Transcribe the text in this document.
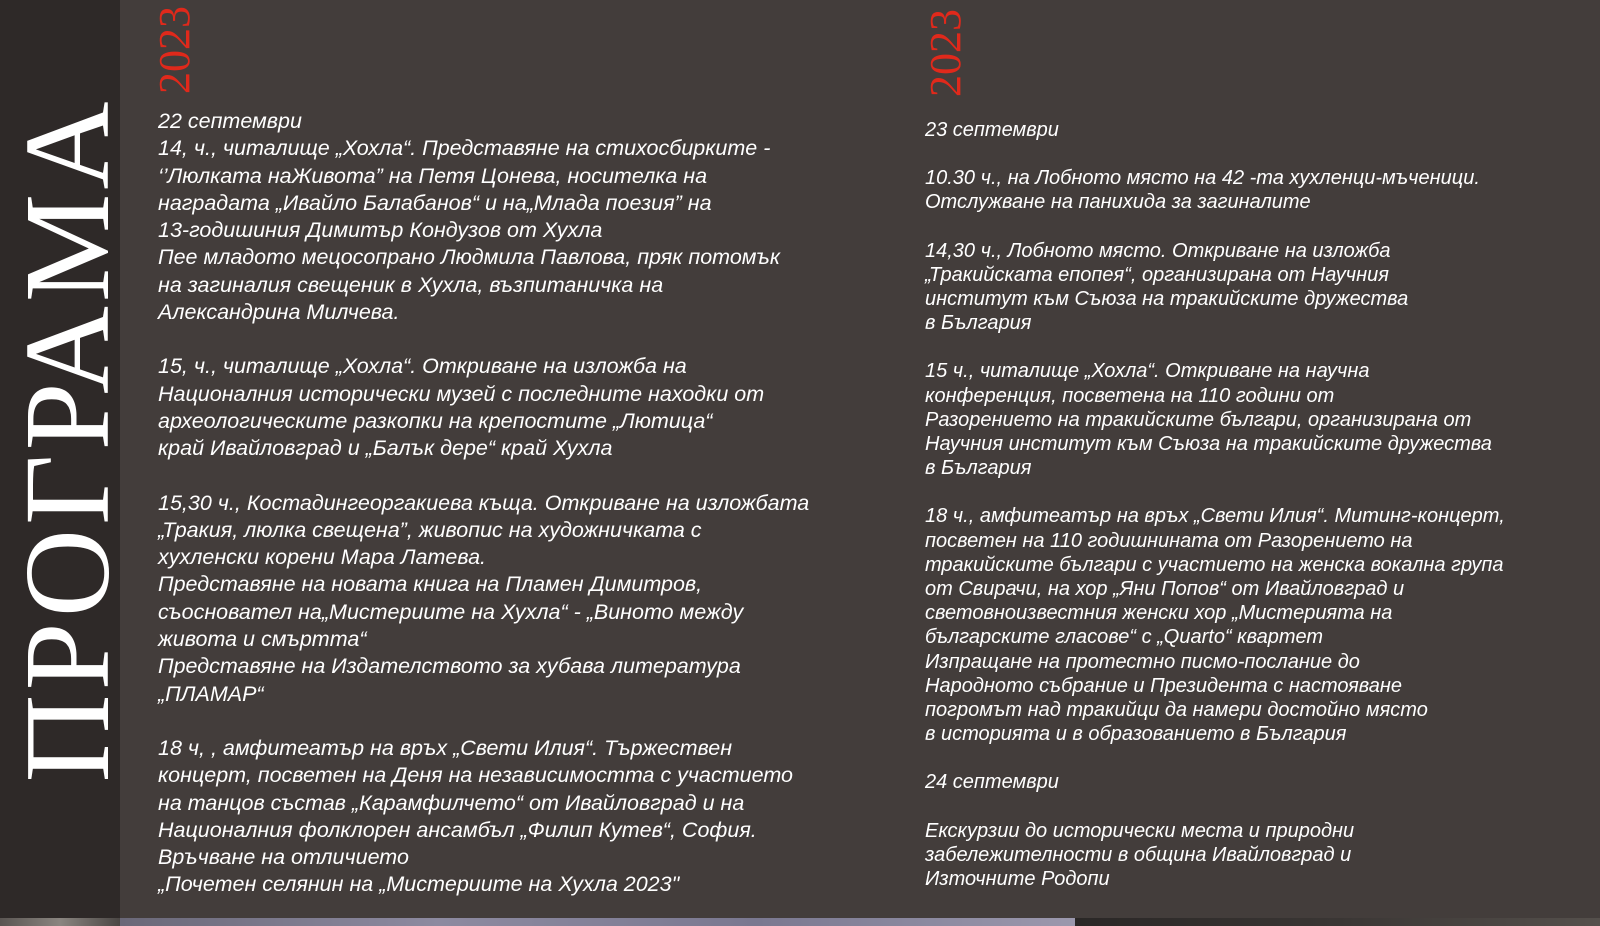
ПРОГРАМА
2023	2023
22 септември
14, ч., читалище „Хохла“. Представяне на стихосбирките -
‘’Люлката наЖивота” на Петя Цонева, носителка на
наградата „Ивайло Балабанов“ и на„Млада поезия” на
13-годишиния Димитър Кондузов от Хухла
Пее младото мецосопрано Людмила Павлова, пряк потомък
на загиналия свещеник в Хухла, възпитаничка на
Александрина Милчева.
15, ч., читалище „Хохла“. Откриване на изложба на
Националния исторически музей с последните находки от
археологическите разкопки на крепостите „Лютица“
край Ивайловград и „Балък дере“ край Хухла
15,30 ч., Костадингеоргакиева къща. Откриване на изложбата
„Тракия, люлка свещена”, живопис на художничката с
хухленски корени Мара Латева.
Представяне на новата книга на Пламен Димитров,
съосновател на„Мистериите на Хухла“ - „Виното между
живота и смъртта“
Представяне на Издателството за хубава литература
„ПЛАМАР“
18 ч, , амфитеатър на връх „Свети Илия“. Тържествен
концерт, посветен на Деня на независимостта с участието
на танцов състав „Карамфилчето“ от Ивайловград и на
Националния фолклорен ансамбъл „Филип Кутев“, София.
Връчване на отличието
„Почетен селянин на „Мистериите на Хухла 2023"
23 септември
10.30 ч., на Лобното място на 42 -та хухленци-мъченици.
Отслужване на панихида за загиналите
14,30 ч., Лобното място. Откриване на изложба
„Тракийската епопея“, организирана от Научния
институт към Съюза на тракийските дружества
в България
15 ч., читалище „Хохла“. Откриване на научна
конференция, посветена на 110 години от
Разорението на тракийските българи, организирана от
Научния институт към Съюза на тракийските дружества
в България
18 ч., амфитеатър на връх „Свети Илия“. Митинг-концерт,
посветен на 110 годишнината от Разорението на
тракийските българи с участието на женска вокална група
от Свирачи, на хор „Яни Попов“ от Ивайловград и
световноизвестния женски хор „Мистерията на
българските гласове“ с „Quarto“ квартет
Изпращане на протестно писмо-послание до
Народното събрание и Президента с настояване
погромът над тракийци да намери достойно място
в историята и в образованието в България
24 септември
Екскурзии до исторически места и природни
забележителности в община Ивайловград и
Източните Родопи
